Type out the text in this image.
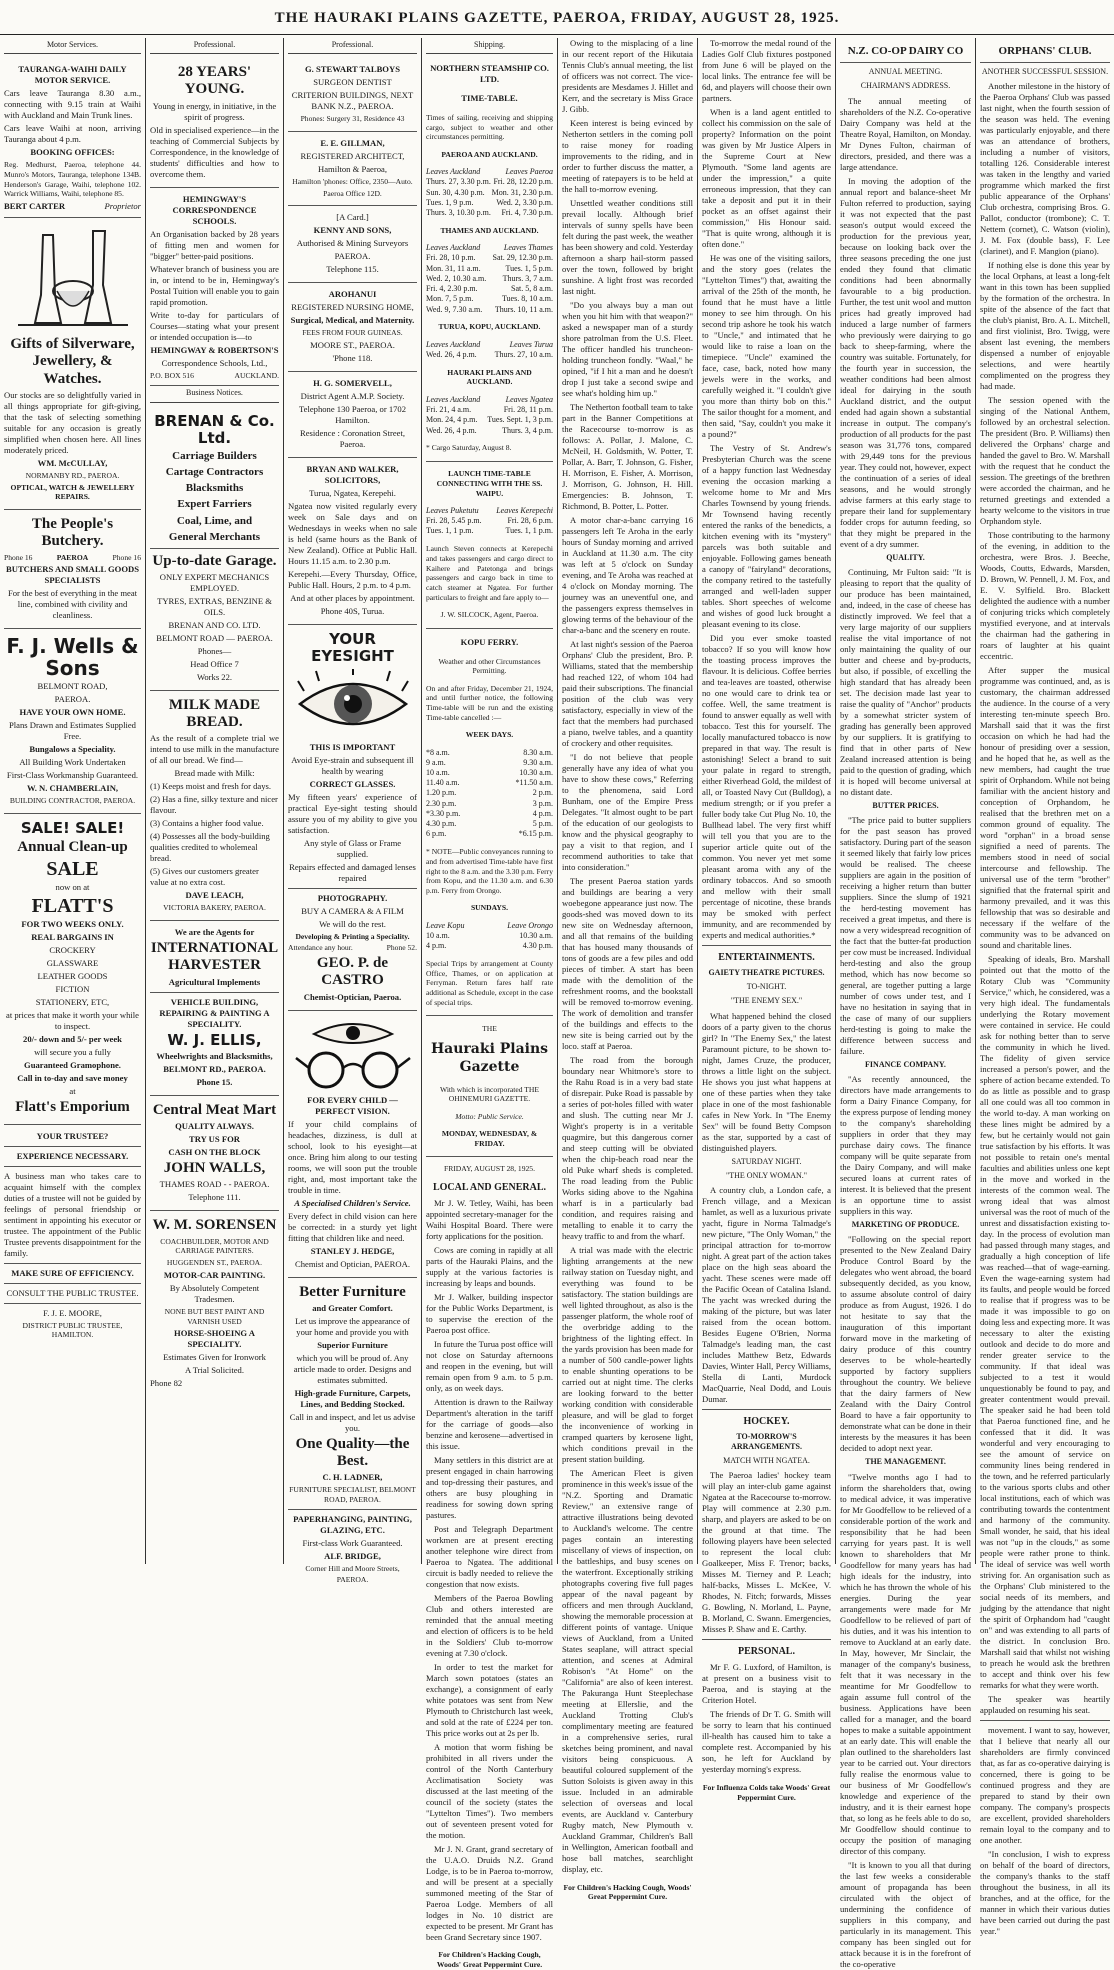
THE HAURAKI PLAINS GAZETTE, PAEROA, FRIDAY, AUGUST 28, 1925.
Motor Services.

TAURANGA-WAIHI DAILY MOTOR SERVICE.

Cars leave Tauranga 8.30 a.m., connecting with 9.15 train at Waihi with Auckland and Main Trunk lines.

Cars leave Waihi at noon, arriving Tauranga about 4 p.m.

BOOKING OFFICES:

Reg. Medhurst, Paeroa, telephone 44. Munro's Motors, Tauranga, telephone 134B. Henderson's Garage, Waihi, telephone 102. Warrick Williams, Waihi, telephone 85.

BERT CARTER	Proprietor

Gifts of Silverware, Jewellery, & Watches.

Our stocks are so delightfully varied in all things appropriate for gift-giving, that the task of selecting something suitable for any occasion is greatly simplified when chosen here. All lines moderately priced.

WM. McCULLAY,

NORMANBY RD., PAEROA.

OPTICAL, WATCH & JEWELLERY REPAIRS.

The People's Butchery.

Phone 16	PAEROA	Phone 16

BUTCHERS AND SMALL GOODS SPECIALISTS

For the best of everything in the meat line, combined with civility and cleanliness.

F. J. Wells & Sons

BELMONT ROAD,

PAEROA.

HAVE YOUR OWN HOME.

Plans Drawn and Estimates Supplied Free.

Bungalows a Speciality.

All Building Work Undertaken

First-Class Workmanship Guaranteed.

W. N. CHAMBERLAIN,

BUILDING CONTRACTOR, PAEROA.

SALE! SALE!

Annual Clean-up

SALE

now on at

FLATT'S

FOR TWO WEEKS ONLY.

REAL BARGAINS IN

CROCKERY

GLASSWARE

LEATHER GOODS

FICTION

STATIONERY, ETC,

at prices that make it worth your while to inspect.

20/- down and 5/- per week

will secure you a fully

Guaranteed Gramophone.

Call in to-day and save money

at

Flatt's Emporium

YOUR TRUSTEE?

EXPERIENCE NECESSARY.

A business man who takes care to acquaint himself with the complex duties of a trustee will not be guided by feelings of personal friendship or sentiment in appointing his executor or trustee. The appointment of the Public Trustee prevents disappointment for the family.

MAKE SURE OF EFFICIENCY.

CONSULT THE PUBLIC TRUSTEE.

F. J. E. MOORE,

DISTRICT PUBLIC TRUSTEE, HAMILTON.

Professional.

28 YEARS' YOUNG.

Young in energy, in initiative, in the spirit of progress.

Old in specialised experience—in the teaching of Commercial Subjects by Correspondence, in the knowledge of students' difficulties and how to overcome them.

HEMINGWAY'S CORRESPONDENCE SCHOOLS.

An Organisation backed by 28 years of fitting men and women for "bigger" better-paid positions.

Whatever branch of business you are in, or intend to be in, Hemingway's Postal Tuition will enable you to gain rapid promotion.

Write to-day for particulars of Courses—stating what your present or intended occupation is—to

HEMINGWAY & ROBERTSON'S

Correspondence Schools, Ltd.,

P.O. BOX 516	AUCKLAND.
Business Notices.

BRENAN & Co. Ltd.

Carriage Builders

Cartage Contractors

Blacksmiths

Expert Farriers

Coal, Lime, and

General Merchants

Up-to-date Garage.

ONLY EXPERT MECHANICS EMPLOYED.

TYRES, EXTRAS, BENZINE & OILS.

BRENAN AND CO. LTD.

BELMONT ROAD — PAEROA.

Phones—

Head Office 7

Works 22.

MILK MADE BREAD.

As the result of a complete trial we intend to use milk in the manufacture of all our bread. We find—

Bread made with Milk:

(1) Keeps moist and fresh for days.

(2) Has a fine, silky texture and nicer flavour.

(3) Contains a higher food value.

(4) Possesses all the body-building qualities credited to wholemeal bread.

(5) Gives our customers greater value at no extra cost.

DAVE LEACH,

VICTORIA BAKERY, PAEROA.

We are the Agents for

INTERNATIONAL HARVESTER

Agricultural Implements

VEHICLE BUILDING, REPAIRING & PAINTING A SPECIALITY.

W. J. ELLIS,

Wheelwrights and Blacksmiths,

BELMONT RD., PAEROA.

Phone 15.

Central Meat Mart

QUALITY ALWAYS.

TRY US FOR

CASH ON THE BLOCK

JOHN WALLS,

THAMES ROAD - - PAEROA.

Telephone 111.

W. M. SORENSEN

COACHBUILDER, MOTOR AND CARRIAGE PAINTERS.

HUGGENDEN ST., PAEROA.

MOTOR-CAR PAINTING.

By Absolutely Competent Tradesmen.

NONE BUT BEST PAINT AND VARNISH USED

HORSE-SHOEING A SPECIALITY.

Estimates Given for Ironwork

A Trial Solicited.

Phone 82

Professional.

G. STEWART TALBOYS

SURGEON DENTIST

CRITERION BUILDINGS, NEXT BANK N.Z., PAEROA.

Phones: Surgery 31, Residence 43

E. E. GILLMAN,

REGISTERED ARCHITECT,

Hamilton & Paeroa,

Hamilton 'phones: Office, 2350—Auto.

Paeroa Office 12D.

[A Card.]

KENNY AND SONS,

Authorised & Mining Surveyors

PAEROA.

Telephone 115.

AROHANUI

REGISTERED NURSING HOME,

Surgical, Medical, and Maternity.

FEES FROM FOUR GUINEAS.

MOORE ST., PAEROA.

'Phone 118.

H. G. SOMERVELL,

District Agent A.M.P. Society.

Telephone 130 Paeroa, or 1702 Hamilton.

Residence : Coronation Street, Paeroa.

BRYAN AND WALKER, SOLICITORS,

Turua, Ngatea, Kerepehi.

Ngatea now visited regularly every week on Sale days and on Wednesdays in weeks when no sale is held (same hours as the Bank of New Zealand). Office at Public Hall. Hours 11.15 a.m. to 2.30 p.m.

Kerepehi.—Every Thursday, Office, Public Hall. Hours, 2 p.m. to 4 p.m.

And at other places by appointment.

Phone 40S, Turua.

YOUR EYESIGHT

THIS IS IMPORTANT

Avoid Eye-strain and subsequent ill health by wearing

CORRECT GLASSES.

My fifteen years' experience of practical Eye-sight testing should assure you of my ability to give you satisfaction.

Any style of Glass or Frame supplied.

Repairs effected and damaged lenses repaired

PHOTOGRAPHY.

BUY A CAMERA & A FILM

We will do the rest.

Developing & Printing a Speciality.

Attendance any hour.	Phone 52.

GEO. P. de CASTRO

Chemist-Optician, Paeroa.

FOR EVERY CHILD —PERFECT VISION.

If your child complains of headaches, dizziness, is dull at school, look to his eyesight—at once. Bring him along to our testing rooms, we will soon put the trouble right, and, most important take the trouble in time.

A Specialised Children's Service.

Every defect in child vision can here be corrected: in a sturdy yet light fitting that children like and need.

STANLEY J. HEDGE,

Chemist and Optician, PAEROA.

Better Furniture

and Greater Comfort.

Let us improve the appearance of your home and provide you with

Superior Furniture

which you will be proud of. Any article made to order. Designs and estimates submitted.

High-grade Furniture, Carpets, Lines, and Bedding Stocked.

Call in and inspect, and let us advise you.

One Quality—the Best.

C. H. LADNER,

FURNITURE SPECIALIST, BELMONT ROAD, PAEROA.

PAPERHANGING, PAINTING, GLAZING, ETC.

First-class Work Guaranteed.

ALF. BRIDGE,

Corner Hill and Moore Streets,

PAEROA.

Shipping.

NORTHERN STEAMSHIP CO. LTD.

TIME-TABLE.

Times of sailing, receiving and shipping cargo, subject to weather and other circumstances permitting.

PAEROA AND AUCKLAND.

Leaves Auckland	Leaves Paeroa
Thurs. 27, 3.30 p.m. Fri. 28, 12.20 p.m.
Sun. 30, 4.30 p.m. Mon. 31, 2.30 p.m.
Tues. 1, 9 p.m.	Wed. 2, 3.30 p.m.
Thurs. 3, 10.30 p.m. Fri. 4, 7.30 p.m.

THAMES AND AUCKLAND.

Leaves Auckland	Leaves Thames
Fri. 28, 10 p.m. Sat. 29, 12.30 p.m.
Mon. 31, 11 a.m.	Tues. 1, 5 p.m.
Wed. 2, 10.30 a.m. Thurs. 3, 7 a.m.
Fri. 4, 2.30 p.m.	Sat. 5, 8 a.m.
Mon. 7, 5 p.m.	Tues. 8, 10 a.m.
Wed. 9, 7.30 a.m. Thurs. 10, 11 a.m.

TURUA, KOPU, AUCKLAND.

Leaves Auckland	Leaves Turua
Wed. 26, 4 p.m. Thurs. 27, 10 a.m.

HAURAKI PLAINS AND AUCKLAND.

Leaves Auckland	Leaves Ngatea
Fri. 21, 4 a.m.	Fri. 28, 11 p.m.
Mon. 24, 4 p.m. Tues. Sept. 1, 3 p.m.
Wed. 26, 4 p.m.	Thurs. 3, 4 p.m.

* Cargo Saturday, August 8.

LAUNCH TIME-TABLE CONNECTING WITH THE SS. WAIPU.

Leaves Puketutu Leaves Kerepechi
Fri. 28, 5.45 p.m.	Fri. 28, 6 p.m.
Tues. 1, 1 p.m.	Tues. 1, 1 p.m.

Launch Steven connects at Kerepechi and takes passengers and cargo direct to Kaihere and Patetonga and brings passengers and cargo back in time to catch steamer at Ngatea. For further particulars to freight and fare apply to—

J. W. SILCOCK, Agent, Paeroa.

KOPU FERRY.

Weather and other Circumstances Permitting.

On and after Friday, December 21, 1924, and until further notice, the following Time-table will be run and the existing Time-table cancelled :—

WEEK DAYS.

*8 a.m.	8.30 a.m.
9 a.m.	9.30 a.m.
10 a.m.	10.30 a.m.
11.40 a.m.	*11.50 a.m.
1.20 p.m.	2 p.m.
2.30 p.m.	3 p.m.
*3.30 p.m.	4 p.m.
4.30 p.m.	5 p.m.
6 p.m.	*6.15 p.m.

* NOTE—Public conveyances running to and from advertised Time-table have first right to the 8 a.m. and the 3.30 p.m. Ferry from Kopu, and the 11.30 a.m. and 6.30 p.m. Ferry from Orongo.

SUNDAYS.

Leave Kopu	Leave Orongo
10 a.m.	10.30 a.m.
4 p.m.	4.30 p.m.

Special Trips by arrangement at County Office, Thames, or on application at Ferryman. Return fares half rate additional as Schedule, except in the case of special trips.

THE

Hauraki Plains Gazette

With which is incorporated THE OHINEMURI GAZETTE.

Motto: Public Service.

MONDAY, WEDNESDAY, & FRIDAY.

FRIDAY, AUGUST 28, 1925.

LOCAL AND GENERAL.

Mr J. W. Tetley, Waihi, has been appointed secretary-manager for the Waihi Hospital Board. There were forty applications for the position.

Cows are coming in rapidly at all parts of the Hauraki Plains, and the supply at the various factories is increasing by leaps and bounds.

Mr J. Walker, building inspector for the Public Works Department, is to supervise the erection of the Paeroa post office.

In future the Turua post office will not close on Saturday afternoons and reopen in the evening, but will remain open from 9 a.m. to 5 p.m. only, as on week days.

Attention is drawn to the Railway Department's alteration in the tariff for the carriage of goods—also benzine and kerosene—advertised in this issue.

Many settlers in this district are at present engaged in chain harrowing and top-dressing their pastures, and others are busy ploughing in readiness for sowing down spring pastures.

Post and Telegraph Department workmen are at present erecting another telephone wire direct from Paeroa to Ngatea. The additional circuit is badly needed to relieve the congestion that now exists.

Members of the Paeroa Bowling Club and others interested are reminded that the annual meeting and election of officers is to be held in the Soldiers' Club to-morrow evening at 7.30 o'clock.

In order to test the market for March sown potatoes (states an exchange), a consignment of early white potatoes was sent from New Plymouth to Christchurch last week, and sold at the rate of £224 per ton. This price works out at 2s per lb.

A motion that worm fishing be prohibited in all rivers under the control of the North Canterbury Acclimatisation Society was discussed at the last meeting of the council of the society (states the "Lyttelton Times"). Two members out of seventeen present voted for the motion.

Mr J. N. Grant, grand secretary of the U.A.O. Druids N.Z. Grand Lodge, is to be in Paeroa to-morrow, and will be present at a specially summoned meeting of the Star of Paeroa Lodge. Members of all lodges in No. 10 district are expected to be present. Mr Grant has been Grand Secretary since 1907.

For Children's Hacking Cough, Woods' Great Peppermint Cure.

Owing to the misplacing of a line in our recent report of the Hikutaia Tennis Club's annual meeting, the list of officers was not correct. The vice-presidents are Mesdames J. Hillet and Kerr, and the secretary is Miss Grace J. Gibb.

Keen interest is being evinced by Netherton settlers in the coming poll to raise money for roading improvements to the riding, and in order to further discuss the matter, a meeting of ratepayers is to be held at the hall to-morrow evening.

Unsettled weather conditions still prevail locally. Although brief intervals of sunny spells have been felt during the past week, the weather has been showery and cold. Yesterday afternoon a sharp hail-storm passed over the town, followed by bright sunshine. A light frost was recorded last night.

"Do you always buy a man out when you hit him with that weapon?" asked a newspaper man of a sturdy shore patrolman from the U.S. Fleet. The officer handled his truncheon-holding truncheon fondly. "Waal," he opined, "if I hit a man and he doesn't drop I just take a second swipe and see what's holding him up."

The Netherton football team to take part in the Banner Competitions at the Racecourse to-morrow is as follows: A. Pollar, J. Malone, C. McNeil, H. Goldsmith, W. Potter, T. Pollar, A. Barr, T. Johnson, G. Fisher, H. Morrison, E. Fisher, A. Morrison, J. Morrison, G. Johnson, H. Hill. Emergencies: B. Johnson, T. Richmond, B. Potter, L. Potter.

A motor char-a-banc carrying 16 passengers left Te Aroha in the early hours of Sunday morning and arrived in Auckland at 11.30 a.m. The city was left at 5 o'clock on Sunday evening, and Te Aroha was reached at 4 o'clock on Monday morning. The journey was an uneventful one, and the passengers express themselves in glowing terms of the behaviour of the char-a-banc and the scenery en route.

At last night's session of the Paeroa Orphans' Club the president, Bro. P. Williams, stated that the membership had reached 122, of whom 104 had paid their subscriptions. The financial position of the club was very satisfactory, especially in view of the fact that the members had purchased a piano, twelve tables, and a quantity of crockery and other requisites.

"I do not believe that people generally have any idea of what you have to show these cows," Referring to the phenomena, said Lord Bunham, one of the Empire Press Delegates. "It almost ought to be part of the education of our geologists to know and the physical geography to pay a visit to that region, and I recommend authorities to take that into consideration."

The present Paeroa station yards and buildings are bearing a very woebegone appearance just now. The goods-shed was moved down to its new site on Wednesday afternoon, and all that remains of the building that has housed many thousands of tons of goods are a few piles and odd pieces of timber. A start has been made with the demolition of the refreshment rooms, and the bookstall will be removed to-morrow evening. The work of demolition and transfer of the buildings and effects to the new site is being carried out by the loco. staff at Paeroa.

The road from the borough boundary near Whitmore's store to the Rahu Road is in a very bad state of disrepair. Puke Road is passable by a series of pot-holes filled with water and slush. The cutting near Mr J. Wight's property is in a veritable quagmire, but this dangerous corner and steep cutting will be obviated when the chip-beach road near the old Puke wharf sheds is completed. The road leading from the Public Works siding above to the Ngahina wharf is in a particularly bad condition, and requires raising and metalling to enable it to carry the heavy traffic to and from the wharf.

A trial was made with the electric lighting arrangements at the new railway station on Tuesday night, and everything was found to be satisfactory. The station buildings are well lighted throughout, as also is the passenger platform, the whole roof of the overbridge adding to the brightness of the lighting effect. In the yards provision has been made for a number of 500 candle-power lights to enable shunting operations to be carried out at night time. The clerks are looking forward to the better working condition with considerable pleasure, and will be glad to forget the inconvenience of working in cramped quarters by kerosene light, which conditions prevail in the present station building.

The American Fleet is given prominence in this week's issue of the "N.Z. Sporting and Dramatic Review," an extensive range of attractive illustrations being devoted to Auckland's welcome. The centre pages contain an interesting miscellany of views of inspection, on the battleships, and busy scenes on the waterfront. Exceptionally striking photographs covering five full pages appear of the naval pageant by officers and men through Auckland, showing the memorable procession at different points of vantage. Unique views of Auckland, from a United States seaplane, will attract special attention, and scenes at Admiral Robison's "At Home" on the "California" are also of keen interest. The Pakuranga Hunt Steeplechase meeting at Ellerslie, and the Auckland Trotting Club's complimentary meeting are featured in a comprehensive series, rural sketches being prominent, and naval visitors being conspicuous. A beautiful coloured supplement of the Sutton Soloists is given away in this issue. Included in an admirable selection of overseas and local events, are Auckland v. Canterbury Rugby match, New Plymouth v. Auckland Grammar, Children's Ball in Wellington, American football and hose ball matches, searchlight display, etc.

For Children's Hacking Cough, Woods' Great Peppermint Cure.

To-morrow the medal round of the Ladies Golf Club fixtures postponed from June 6 will be played on the local links. The entrance fee will be 6d, and players will choose their own partners.

When is a land agent entitled to collect his commission on the sale of property? Information on the point was given by Mr Justice Alpers in the Supreme Court at New Plymouth. "Some land agents are under the impression," a quite erroneous impression, that they can take a deposit and put it in their pocket as an offset against their commission," His Honour said. "That is quite wrong, although it is often done."

He was one of the visiting sailors, and the story goes (relates the "Lyttelton Times") that, awaiting the arrival of the 25th of the month, he found that he must have a little money to see him through. On his second trip ashore he took his watch to "Uncle," and intimated that he would like to raise a loan on the timepiece. "Uncle" examined the face, case, back, noted how many jewels were in the works, and carefully weighed it. "I couldn't give you more than thirty bob on this." The sailor thought for a moment, and then said, "Say, couldn't you make it a pound?"

The Vestry of St. Andrew's Presbyterian Church was the scene of a happy function last Wednesday evening the occasion marking a welcome home to Mr and Mrs Charles Townsend by young friends. Mr Townsend having recently entered the ranks of the benedicts, a kitchen evening with its "mystery" parcels was both suitable and enjoyable. Following games beneath a canopy of "fairyland" decorations, the company retired to the tastefully arranged and well-laden supper tables. Short speeches of welcome and wishes of good luck brought a pleasant evening to its close.

Did you ever smoke toasted tobacco? If so you will know how the toasting process improves the flavour. It is delicious. Coffee berries and tea-leaves are toasted, otherwise no one would care to drink tea or coffee. Well, the same treatment is found to answer equally as well with tobacco. Test this for yourself. The locally manufactured tobacco is now prepared in that way. The result is astonishing! Select a brand to suit your palate in regard to strength, either Riverhead Gold, the mildest of all, or Toasted Navy Cut (Bulldog), a medium strength; or if you prefer a fuller body take Cut Plug No. 10, the Bullhead label. The very first whiff will tell you that you are to the superior article quite out of the common. You never yet met some pleasant aroma with any of the ordinary tobaccos. And so smooth and mellow with their small percentage of nicotine, these brands may be smoked with perfect immunity, and are recommended by experts and medical authorities.*

ENTERTAINMENTS.

GAIETY THEATRE PICTURES.

TO-NIGHT.

"THE ENEMY SEX."

What happened behind the closed doors of a party given to the chorus girl? In "The Enemy Sex," the latest Paramount picture, to be shown to-night, James Cruze, the producer, throws a little light on the subject. He shows you just what happens at one of these parties when they take place in one of the most fashionable cafes in New York. In "The Enemy Sex" will be found Betty Compson as the star, supported by a cast of distinguished players.

SATURDAY NIGHT.

"THE ONLY WOMAN."

A country club, a London cafe, a French village, and a Mexican hamlet, as well as a luxurious private yacht, figure in Norma Talmadge's new picture, "The Only Woman," the principal attraction for to-morrow night. A great part of the action takes place on the high seas aboard the yacht. These scenes were made off the Pacific Ocean of Catalina Island. The yacht was wrecked during the making of the picture, but was later raised from the ocean bottom. Besides Eugene O'Brien, Norma Talmadge's leading man, the cast includes Matthew Betz, Edwards Davies, Winter Hall, Percy Williams, Stella di Lanti, Murdock MacQuarrie, Neal Dodd, and Louis Dumar.

HOCKEY.

TO-MORROW'S ARRANGEMENTS.

MATCH WITH NGATEA.

The Paeroa ladies' hockey team will play an inter-club game against Ngatea at the Racecourse to-morrow. Play will commence at 2.30 p.m. sharp, and players are asked to be on the ground at that time. The following players have been selected to represent the local club: Goalkeeper, Miss F. Trenor; backs, Misses M. Tierney and P. Leach; half-backs, Misses L. McKee, V. Rhodes, N. Fitch; forwards, Misses G. Bowling, N. Morland, L. Payne, B. Morland, C. Swann. Emergencies, Misses P. Shaw and E. Carthy.

PERSONAL.

Mr F. G. Luxford, of Hamilton, is at present on a business visit to Paeroa, and is staying at the Criterion Hotel.

The friends of Dr T. G. Smith will be sorry to learn that his continued ill-health has caused him to take a complete rest. Accompanied by his son, he left for Auckland by yesterday morning's express.

For Influenza Colds take Woods' Great Peppermint Cure.

N.Z. CO-OP DAIRY CO

ANNUAL MEETING.

CHAIRMAN'S ADDRESS.

The annual meeting of shareholders of the N.Z. Co-operative Dairy Company was held at the Theatre Royal, Hamilton, on Monday. Mr Dynes Fulton, chairman of directors, presided, and there was a large attendance.

In moving the adoption of the annual report and balance-sheet Mr Fulton referred to production, saying it was not expected that the past season's output would exceed the production for the previous year, because on looking back over the three seasons preceding the one just ended they found that climatic conditions had been abnormally favourable to a big production. Further, the test unit wool and mutton prices had greatly improved had induced a large number of farmers who previously were dairying to go back to sheep-farming, where the country was suitable. Fortunately, for the fourth year in succession, the weather conditions had been almost ideal for dairying in the south Auckland district, and the output ended had again shown a substantial increase in output. The company's production of all products for the past season was 31,776 tons, compared with 29,449 tons for the previous year. They could not, however, expect the continuation of a series of ideal seasons, and he would strongly advise farmers at this early stage to prepare their land for supplementary fodder crops for autumn feeding, so that they might be prepared in the event of a dry summer.

QUALITY.

Continuing, Mr Fulton said: "It is pleasing to report that the quality of our produce has been maintained, and, indeed, in the case of cheese has distinctly improved. We feel that a very large majority of our suppliers realise the vital importance of not only maintaining the quality of our butter and cheese and by-products, but also, if possible, of excelling the high standard that has already been set. The decision made last year to raise the quality of "Anchor" products by a somewhat stricter system of grading has generally been approved by our suppliers. It is gratifying to find that in other parts of New Zealand increased attention is being paid to the question of grading, which it is hoped will become universal at no distant date.

BUTTER PRICES.

"The price paid to butter suppliers for the past season has proved satisfactory. During part of the season it seemed likely that fairly low prices would be realised. The cheese suppliers are again in the position of receiving a higher return than butter suppliers. Since the slump of 1921 the herd-testing movement has received a great impetus, and there is now a very widespread recognition of the fact that the butter-fat production per cow must be increased. Individual herd-testing and also the group method, which has now become so general, are together putting a large number of cows under test, and I have no hesitation in saying that in the case of many of our suppliers herd-testing is going to make the difference between success and failure.

FINANCE COMPANY.

"As recently announced, the directors have made arrangements to form a Dairy Finance Company, for the express purpose of lending money to the company's shareholding suppliers in order that they may purchase dairy cows. The finance company will be quite separate from the Dairy Company, and will make secured loans at current rates of interest. It is believed that the present is an opportune time to assist suppliers in this way.

MARKETING OF PRODUCE.

"Following on the special report presented to the New Zealand Dairy Produce Control Board by the delegates who went abroad, the board subsequently decided, as you know, to assume absolute control of dairy produce as from August, 1926. I do not hesitate to say that the inauguration of this important forward move in the marketing of dairy produce of this country deserves to be whole-heartedly supported by factory suppliers throughout the country. We believe that the dairy farmers of New Zealand with the Dairy Control Board to have a fair opportunity to demonstrate what can be done in their interests by the measures it has been decided to adopt next year.

THE MANAGEMENT.

"Twelve months ago I had to inform the shareholders that, owing to medical advice, it was imperative for Mr Goodfellow to be relieved of a considerable portion of the work and responsibility that he had been carrying for years past. It is well known to shareholders that Mr Goodfellow for many years has had high ideals for the industry, into which he has thrown the whole of his energies. During the year arrangements were made for Mr Goodfellow to be relieved of part of his duties, and it was his intention to remove to Auckland at an early date. In May, however, Mr Sinclair, the manager of the company's business, felt that it was necessary in the meantime for Mr Goodfellow to again assume full control of the business. Applications have been called for a manager, and the board hopes to make a suitable appointment at an early date. This will enable the plan outlined to the shareholders last year to be carried out. Your directors fully realise the enormous value to our business of Mr Goodfellow's knowledge and experience of the industry, and it is their earnest hope that, so long as he feels able to do so, Mr Goodfellow should continue to occupy the position of managing director of this company.

"It is known to you all that during the last few weeks a considerable amount of propaganda has been circulated with the object of undermining the confidence of suppliers in this company, and particularly in its management. This company has been singled out for attack because it is in the forefront of the co-operative

ORPHANS' CLUB.

ANOTHER SUCCESSFUL SESSION.

Another milestone in the history of the Paeroa Orphans' Club was passed last night, when the fourth session of the season was held. The evening was particularly enjoyable, and there was an attendance of brothers, including a number of visitors, totalling 126. Considerable interest was taken in the lengthy and varied programme which marked the first public appearance of the Orphans' Club orchestra, comprising Bros. G. Pallot, conductor (trombone); C. T. Nettem (cornet), C. Watson (violin), J. M. Fox (double bass), F. Lee (clarinet), and F. Mangion (piano).

If nothing else is done this year by the local Orphans, at least a long-felt want in this town has been supplied by the formation of the orchestra. In spite of the absence of the fact that the club's pianist, Bro. A. L. Mitchell, and first violinist, Bro. Twigg, were absent last evening, the members dispensed a number of enjoyable selections, and were heartily complimented on the progress they had made.

The session opened with the singing of the National Anthem, followed by an orchestral selection. The president (Bro. P. Williams) then delivered the Orphans' charge and handed the gavel to Bro. W. Marshall with the request that he conduct the session. The greetings of the brethren were accorded the chairman, and he returned greetings and extended a hearty welcome to the visitors in true Orphandom style.

Those contributing to the harmony of the evening, in addition to the orchestra, were Bros. J. Beeche, Woods, Coutts, Edwards, Marsden, D. Brown, W. Pennell, J. M. Fox, and E. V. Sylfield. Bro. Blackett delighted the audience with a number of conjuring tricks which completely mystified everyone, and at intervals the chairman had the gathering in roars of laughter at his quaint eccentric.

After supper the musical programme was continued, and, as is customary, the chairman addressed the audience. In the course of a very interesting ten-minute speech Bro. Marshall said that it was the first occasion on which he had had the honour of presiding over a session, and he hoped that he, as well as the new members, had caught the true spirit of Orphandom. While not being familiar with the ancient history and conception of Orphandom, he realised that the brethren met on a common ground of equality. The word "orphan" in a broad sense signified a need of parents. The members stood in need of social intercourse and fellowship. The universal use of the term "brother" signified that the fraternal spirit and harmony prevailed, and it was this fellowship that was so desirable and necessary if the welfare of the community was to be advanced on sound and charitable lines.

Speaking of ideals, Bro. Marshall pointed out that the motto of the Rotary Club was "Community Service," which, he considered, was a very high ideal. The fundamentals underlying the Rotary movement were contained in service. He could ask for nothing better than to serve the community in which he lived. The fidelity of given service increased a person's power, and the sphere of action became extended. To do as little as possible and to grasp all one could was all too common in the world to-day. A man working on these lines might be admired by a few, but he certainly would not gain true satisfaction by his efforts. It was not possible to retain one's mental faculties and abilities unless one kept in the move and worked in the interests of the common weal. The wrong ideal that was almost universal was the root of much of the unrest and dissatisfaction existing to-day. In the process of evolution man had passed through many stages, and gradually a high conception of life was reached—that of wage-earning. Even the wage-earning system had its faults, and people would be forced to realise that if progress was to be made it was impossible to go on doing less and expecting more. It was necessary to alter the existing outlook and decide to do more and render greater service to the community. If that ideal was subjected to a test it would unquestionably be found to pay, and greater contentment would prevail. The speaker said he had been told that Paeroa functioned fine, and he confessed that it did. It was wonderful and very encouraging to see the amount of service on community lines being rendered in the town, and he referred particularly to the various sports clubs and other local institutions, each of which was contributing towards the contentment and harmony of the community. Small wonder, he said, that his ideal was not "up in the clouds," as some people were rather prone to think. The ideal of service was well worth striving for. An organisation such as the Orphans' Club ministered to the social needs of its members, and judging by the attendance that night the spirit of Orphandom had "caught on" and was extending to all parts of the district. In conclusion Bro. Marshall said that whilst not wishing to preach he would ask the brethren to accept and think over his few remarks for what they were worth.

The speaker was heartily applauded on resuming his seat.

movement. I want to say, however, that I believe that nearly all our shareholders are firmly convinced that, as far as co-operative dairying is concerned, there is going to be continued progress and they are prepared to stand by their own company. The company's prospects are excellent, provided shareholders remain loyal to the company and to one another.

"In conclusion, I wish to express on behalf of the board of directors, the company's thanks to the staff throughout the business, in all its branches, and at the office, for the manner in which their various duties have been carried out during the past year."
